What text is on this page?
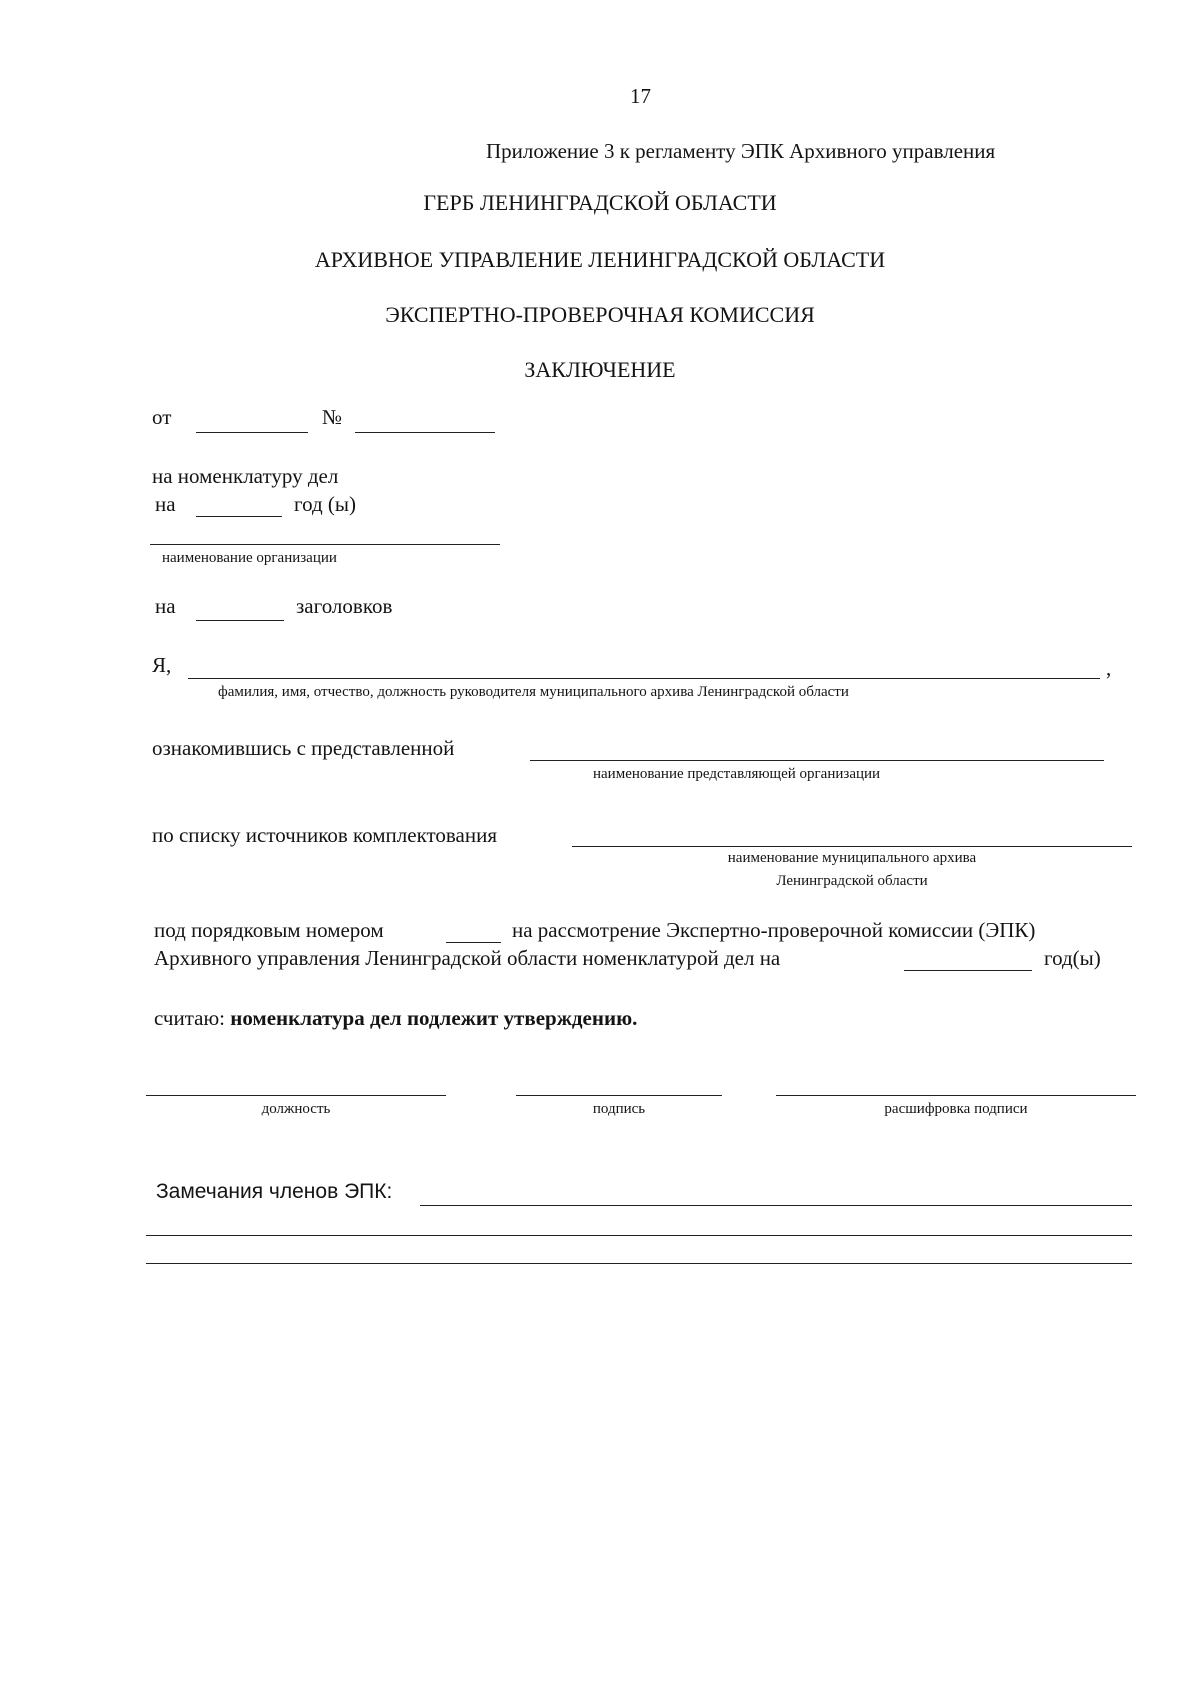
17
Приложение 3 к регламенту ЭПК Архивного управления
ГЕРБ ЛЕНИНГРАДСКОЙ ОБЛАСТИ
АРХИВНОЕ УПРАВЛЕНИЕ ЛЕНИНГРАДСКОЙ ОБЛАСТИ
ЭКСПЕРТНО-ПРОВЕРОЧНАЯ КОМИССИЯ
ЗАКЛЮЧЕНИЕ
от	№
на номенклатуру дел
на	год (ы)
наименование организации
на	заголовков
Я,	,
фамилия, имя, отчество, должность руководителя муниципального архива Ленинградской области
ознакомившись с представленной
наименование представляющей организации
по списку источников комплектования
наименование муниципального архива
Ленинградской области
под порядковым номером	на рассмотрение Экспертно-проверочной комиссии (ЭПК)
Архивного управления Ленинградской области номенклатурой дел на	год(ы)
считаю: номенклатура дел подлежит утверждению.
должность	подпись	расшифровка подписи
Замечания членов ЭПК:
